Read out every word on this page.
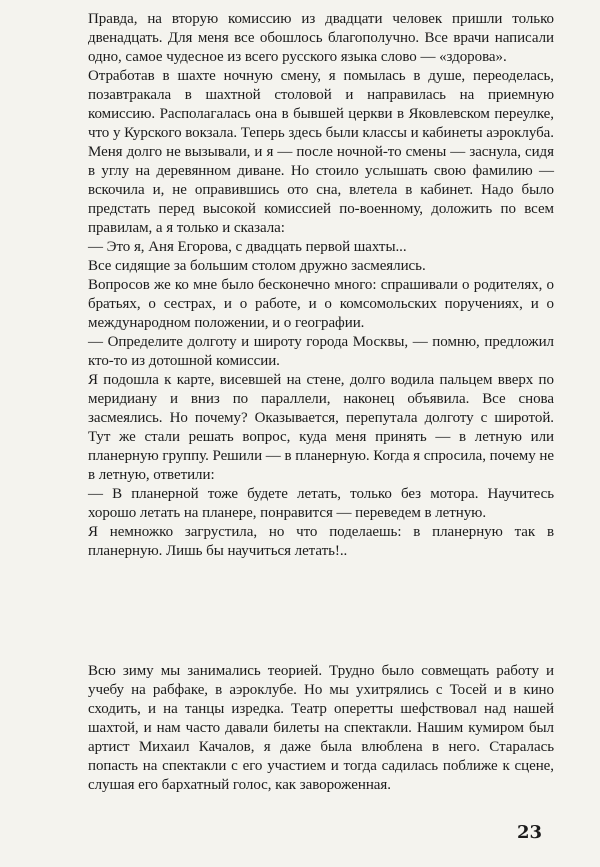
Правда, на вторую комиссию из двадцати человек пришли только двенадцать. Для меня все обошлось благополучно. Все врачи написали одно, самое чудесное из всего русского языка слово — «здорова».

Отработав в шахте ночную смену, я помылась в душе, переоделась, позавтракала в шахтной столовой и направилась на приемную комиссию. Располагалась она в бывшей церкви в Яковлевском переулке, что у Курского вокзала. Теперь здесь были классы и кабинеты аэроклуба.

Меня долго не вызывали, и я — после ночной-то смены — заснула, сидя в углу на деревянном диване. Но стоило услышать свою фамилию — вскочила и, не оправившись ото сна, влетела в кабинет. Надо было предстать перед высокой комиссией по-военному, доложить по всем правилам, а я только и сказала:

— Это я, Аня Егорова, с двадцать первой шахты...

Все сидящие за большим столом дружно засмеялись.

Вопросов же ко мне было бесконечно много: спрашивали о родителях, о братьях, о сестрах, и о работе, и о комсомольских поручениях, и о международном положении, и о географии.

— Определите долготу и широту города Москвы, — помню, предложил кто-то из дотошной комиссии.

Я подошла к карте, висевшей на стене, долго водила пальцем вверх по меридиану и вниз по параллели, наконец объявила. Все снова засмеялись. Но почему? Оказывается, перепутала долготу с широтой. Тут же стали решать вопрос, куда меня принять — в летную или планерную группу. Решили — в планерную. Когда я спросила, почему не в летную, ответили:

— В планерной тоже будете летать, только без мотора. Научитесь хорошо летать на планере, понравится — переведем в летную.

Я немножко загрустила, но что поделаешь: в планерную так в планерную. Лишь бы научиться летать!..

Всю зиму мы занимались теорией. Трудно было совмещать работу и учебу на рабфаке, в аэроклубе. Но мы ухитрялись с Тосей и в кино сходить, и на танцы изредка. Театр оперетты шефствовал над нашей шахтой, и нам часто давали билеты на спектакли. Нашим кумиром был артист Михаил Качалов, я даже была влюблена в него. Старалась попасть на спектакли с его участием и тогда садилась поближе к сцене, слушая его бархатный голос, как завороженная.

23
